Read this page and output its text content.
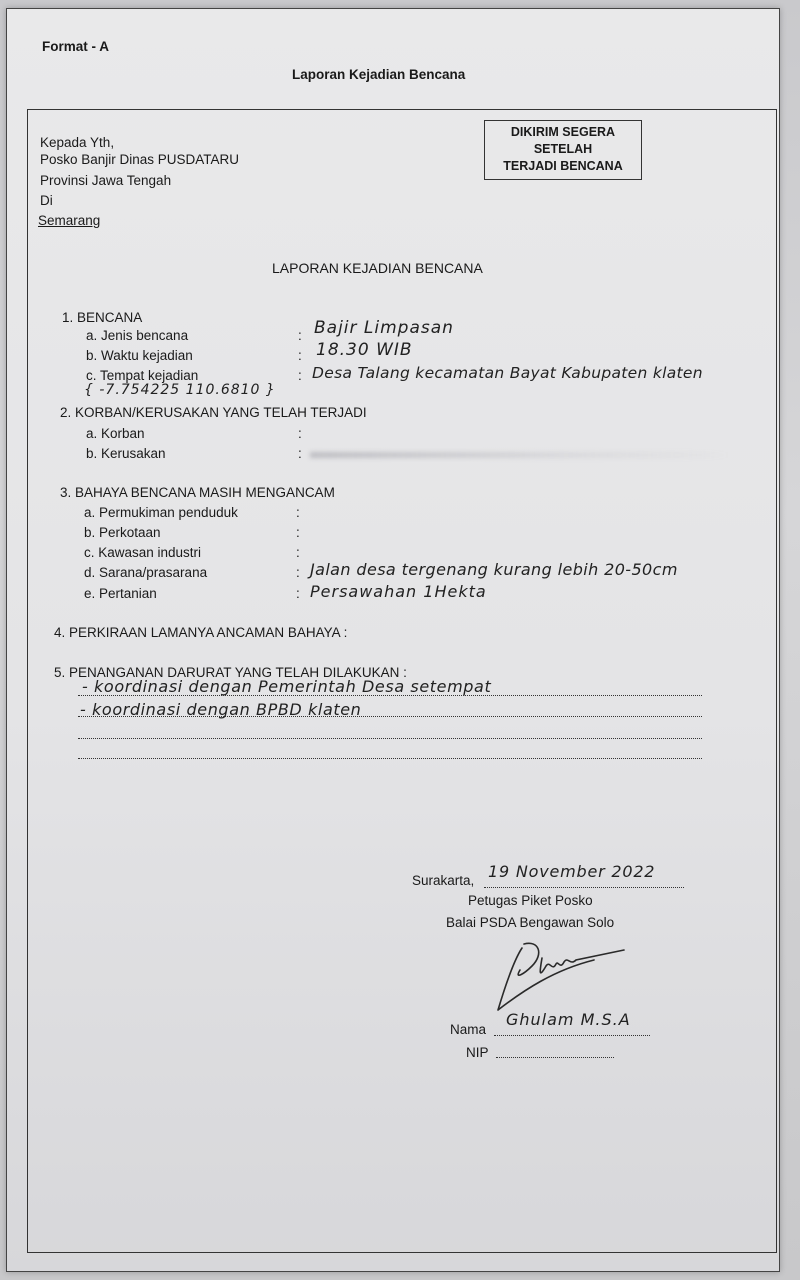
Format - A
Laporan Kejadian Bencana
DIKIRIM SEGERA
SETELAH
TERJADI BENCANA
Kepada Yth,
Posko Banjir Dinas PUSDATARU
Provinsi Jawa Tengah
Di
Semarang
LAPORAN KEJADIAN BENCANA
1. BENCANA
a. Jenis bencana
b. Waktu kejadian
c. Tempat kejadian
:
:
:
Bajir Limpasan
18.30 WIB
Desa Talang kecamatan Bayat Kabupaten klaten
{ -7.754225 110.6810 }
2. KORBAN/KERUSAKAN YANG TELAH TERJADI
a. Korban
b. Kerusakan
:
:
3. BAHAYA BENCANA MASIH MENGANCAM
a. Permukiman penduduk
b. Perkotaan
c. Kawasan industri
d. Sarana/prasarana
e. Pertanian
:
:
:
:
:
Jalan desa tergenang kurang lebih 20-50cm
Persawahan 1Hekta
4. PERKIRAAN LAMANYA ANCAMAN BAHAYA :
5. PENANGANAN DARURAT YANG TELAH DILAKUKAN :
- koordinasi dengan Pemerintah Desa setempat
- koordinasi dengan BPBD klaten
Surakarta, 19 November 2022
Petugas Piket Posko
Balai PSDA Bengawan Solo
Nama
Ghulam M.S.A
NIP
